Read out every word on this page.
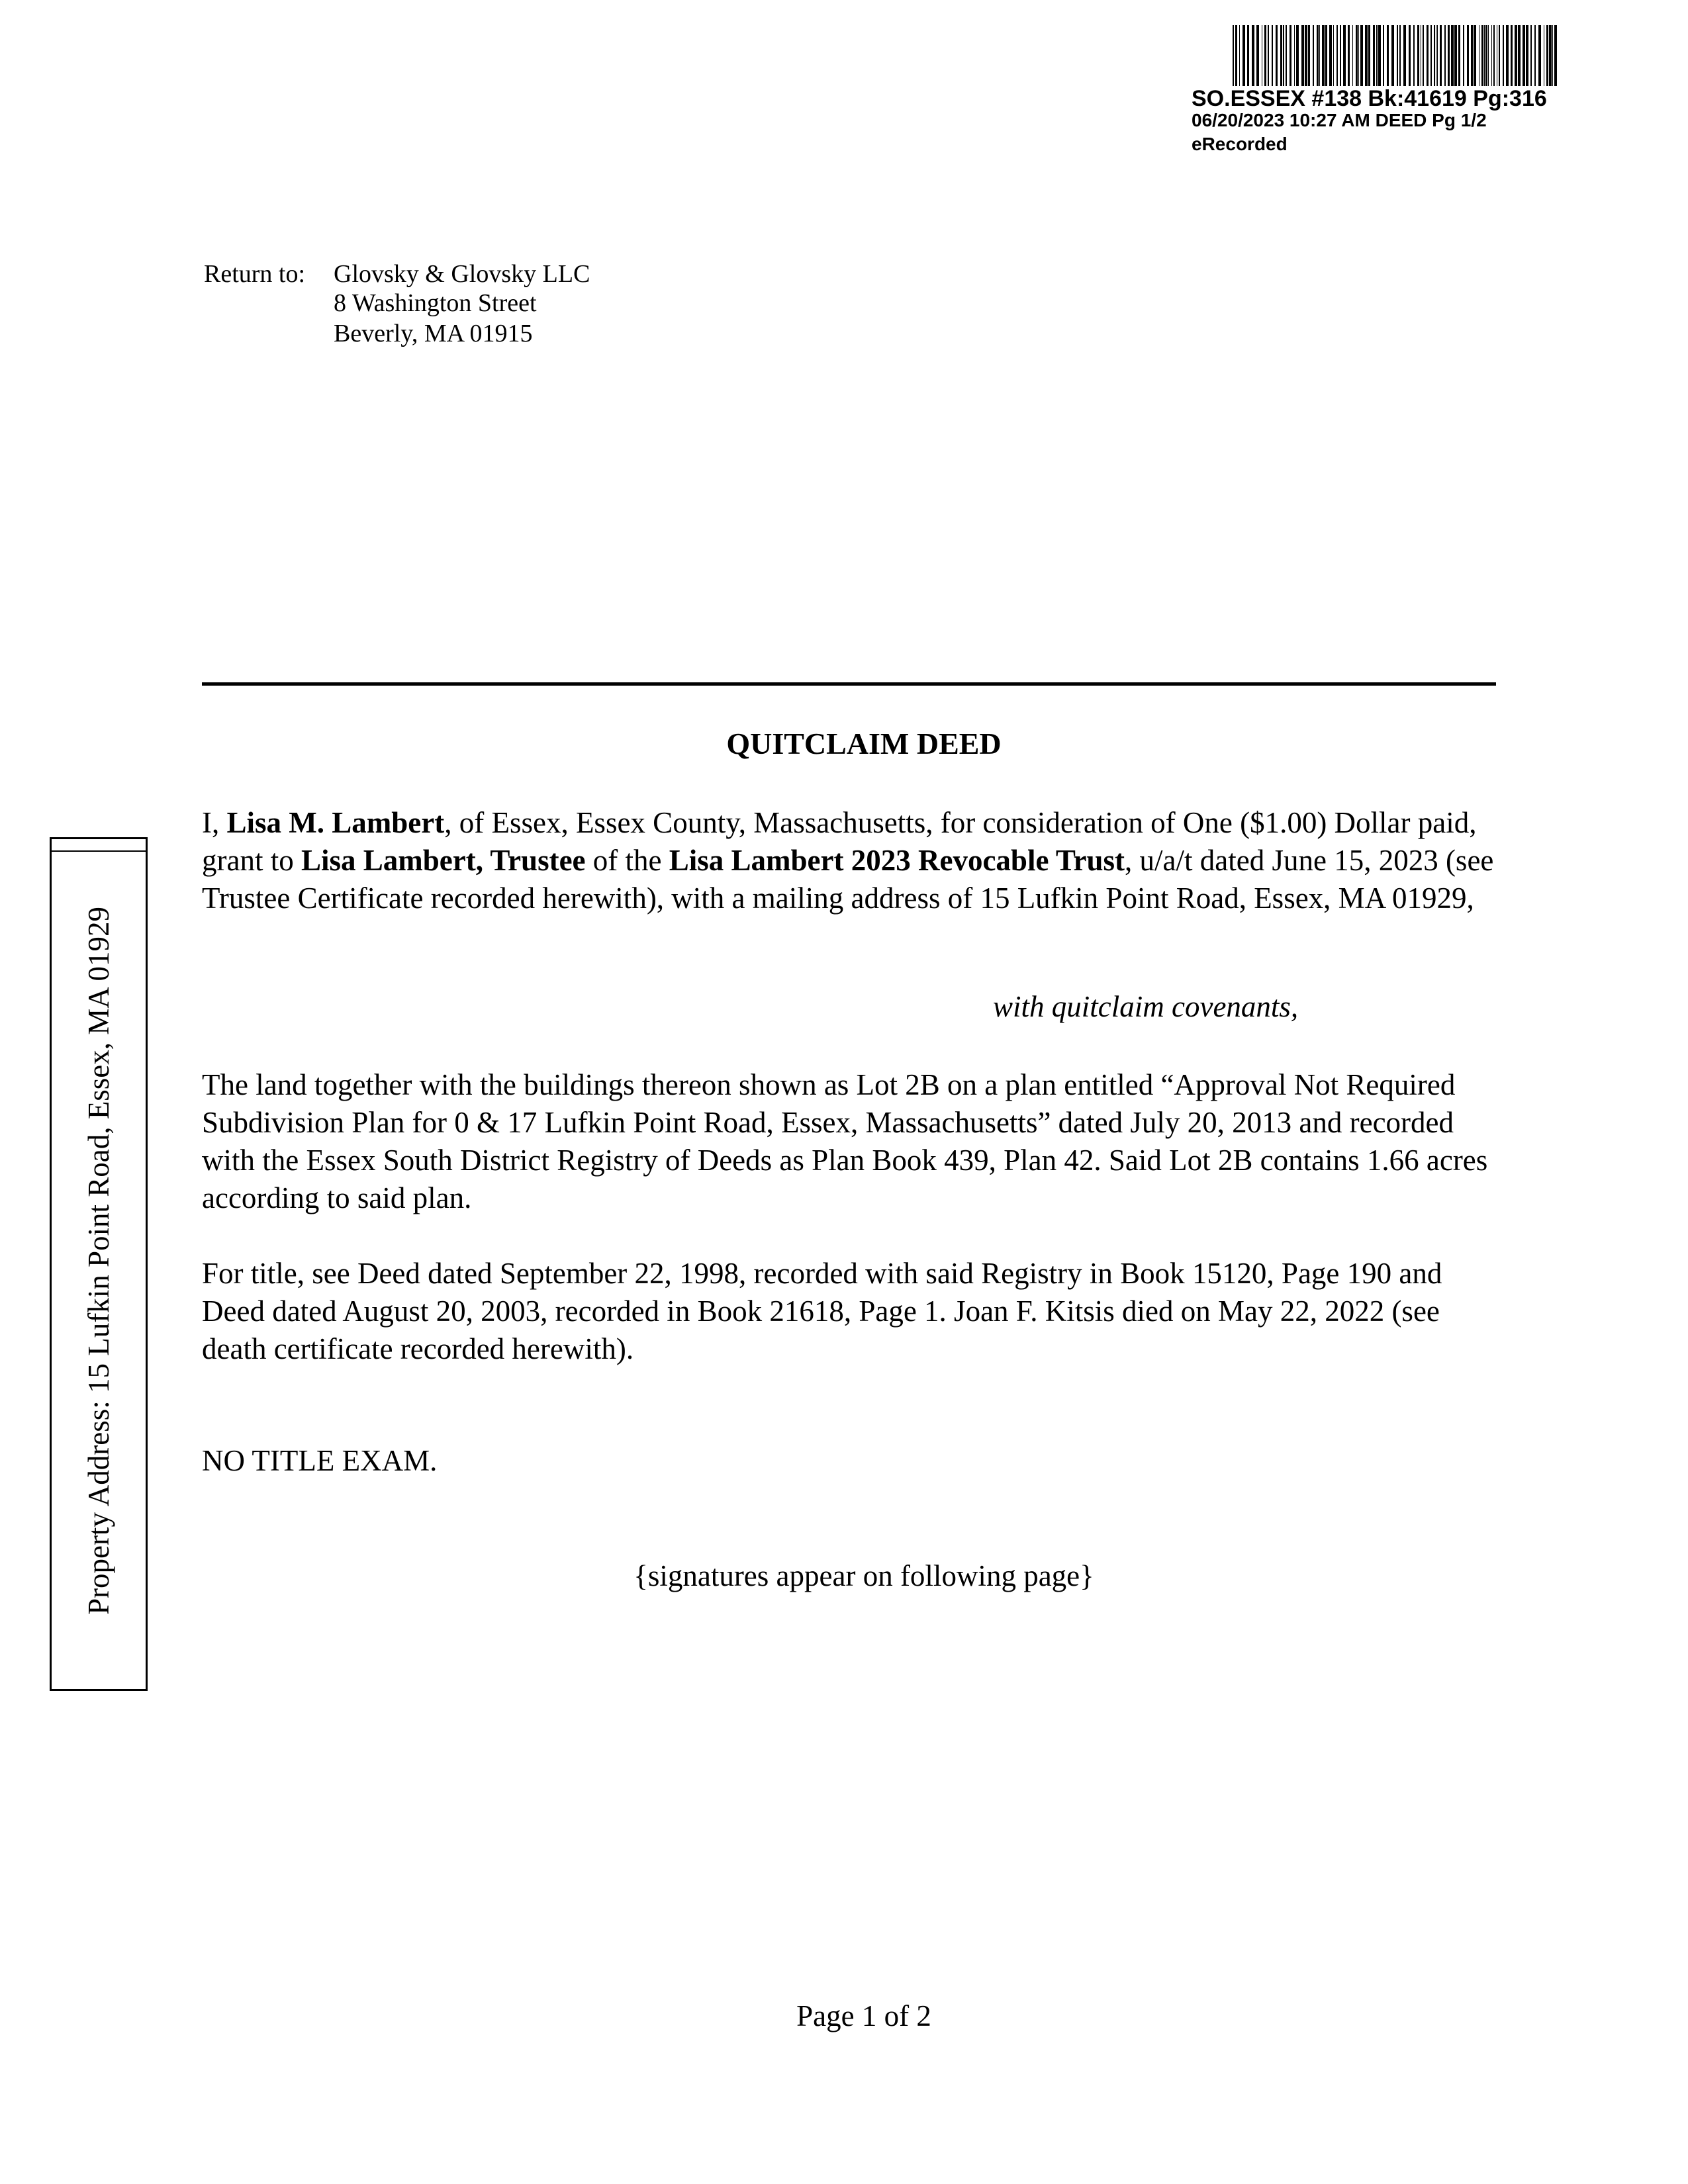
SO.ESSEX #138 Bk:41619 Pg:316
06/20/2023 10:27 AM DEED Pg 1/2
eRecorded
Return to: Glovsky & Glovsky LLC
8 Washington Street
Beverly, MA 01915
QUITCLAIM DEED
I, Lisa M. Lambert, of Essex, Essex County, Massachusetts, for consideration of One ($1.00) Dollar paid, grant to Lisa Lambert, Trustee of the Lisa Lambert 2023 Revocable Trust, u/a/t dated June 15, 2023 (see Trustee Certificate recorded herewith), with a mailing address of 15 Lufkin Point Road, Essex, MA 01929,
with quitclaim covenants,
The land together with the buildings thereon shown as Lot 2B on a plan entitled “Approval Not Required Subdivision Plan for 0 & 17 Lufkin Point Road, Essex, Massachusetts” dated July 20, 2013 and recorded with the Essex South District Registry of Deeds as Plan Book 439, Plan 42. Said Lot 2B contains 1.66 acres according to said plan.
For title, see Deed dated September 22, 1998, recorded with said Registry in Book 15120, Page 190 and Deed dated August 20, 2003, recorded in Book 21618, Page 1. Joan F. Kitsis died on May 22, 2022 (see death certificate recorded herewith).
NO TITLE EXAM.
{signatures appear on following page}
Page 1 of 2
Property Address: 15 Lufkin Point Road, Essex, MA 01929
